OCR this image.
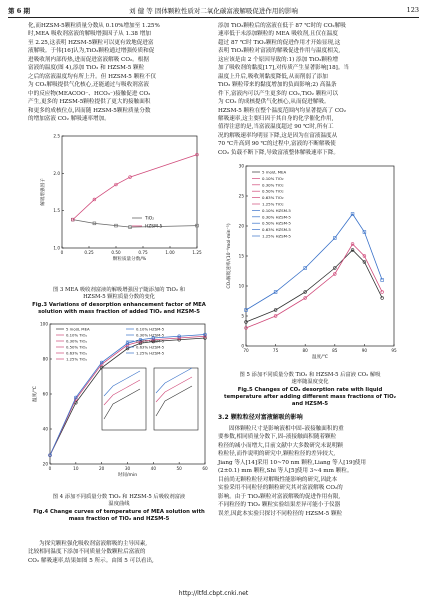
第 6 期	刘 健 等 固体颗粒性质对二氧化碳富液解吸促进作用的影响	123

化,而HZSM-5颗粒质量分数从 0.10%增加至 1.25%

时,MEA 吸收剂富液的解吸增强因子从 1.38 增加

至 2.25,这表明 HZSM-5颗粒可以更有效地促进富

液解吸。于伟[16]认为,TiO₂颗粒通过增强传质和促

进吸收剂内部传热,进而促进富液解吸 CO₂。根据

富液的温度(图 4),添加 TiO₂ 和 HZSM-5 颗粒

之后的富液温度均有所上升。但 HZSM-5 颗粒不仅

为 CO₂解吸提供气化核心,还能通过与吸收剂富液

中的反应物(MEACOO⁻、HCO₃⁻)接触促进 CO₂

产生,更多的 HZSM-5颗粒提供了更大的接触面积

和更多的成核位点,因而随 HZSM-5颗粒质量分数

的增加富液 CO₂ 解吸速率增加。

0	0.25	0.50	0.75	1.00	1.25
1.0
1.5
2.0
2.5
颗粒质量分数/%
解吸增强因子
TiO₂
HZSM-5
图 3 MEA 吸收剂富液的解吸增强因子随添加的 TiO₂ 和
HZSM-5 颗粒质量分数的变化
Fig.3 Variations of desorption enhancement factor of MEA
solution with mass fraction of added TiO₂ and HZSM-5
0	10	20	30	40	50	60
20
40
60
80
100
时间/min
温度/℃
5 mol/L MEA
0.10% TiO₂
0.30% TiO₂
0.50% TiO₂
0.63% TiO₂
1.25% TiO₂
0.10% HZSM-5
0.30% HZSM-5
0.50% HZSM-5
0.63% HZSM-5
1.25% HZSM-5
图 4 添加不同质量分数 TiO₂ 和 HZSM-5 后吸收剂富液
温度曲线
Fig.4 Change curves of temperature of MEA solution with
mass fraction of TiO₂ and HZSM-5

为探究颗粒强化吸收剂富液解吸的主导因素,

比较相同温度下添加不同质量分数颗粒后富液的

CO₂ 解吸速率,结果如图 5 所示。由图 5 可以看出,

添加 TiO₂颗粒后的富液在低于 87 ℃时的 CO₂解吸

速率低于未添加颗粒的 MEA 吸收剂,且仅在温度

超过 87 ℃时 TiO₂颗粒的促进作用才开始显现,这

表明 TiO₂颗粒对富液的解吸促进作用与温度相关,

这应该是由 2 个原因导致的:1) 添加 TiO₂颗粒增

加了吸收剂的黏度[17],对传质产生显著影响[18]。当

温度上升后,吸收剂黏度降低,从而削弱了添加

TiO₂ 颗粒带来的黏度增加的负面影响;2) 高温条

件下,富液内可以产生更多的 CO₂,TiO₂ 颗粒可以

为 CO₂ 的成核提供气化核心,从而促进解吸。

HZSM-5 颗粒在整个温度范围内均显著提高了 CO₂

解吸速率,这主要归因于其自身的化学催化作用,

值得注意的是,当富液温度超过 90 ℃时,所有工

况的解吸速率均明显下降,这是因为在富液温度从

70 ℃升高到 90 ℃的过程中,富液的不断解吸使

CO₂ 负载不断下降,导致富液整体解吸速率下降。

70	75	80	85	90	95
0
5
10
15
20
25
30
温度/℃
CO₂解吸速率/(10⁻⁶mol·min⁻¹)
5 mol/L MEA
0.10% TiO₂
0.30% TiO₂
0.50% TiO₂
0.63% TiO₂
1.25% TiO₂
0.10% HZSM-5
0.30% HZSM-5
0.50% HZSM-5
0.63% HZSM-5
1.25% HZSM-5
图 5 添加不同质量分数 TiO₂ 和 HZSM-5 后富液 CO₂ 解吸
速率随温度变化
Fig.5 Changes of CO₂ desorption rate with liquid
temperature after adding different mass fractions of TiO₂
and HZSM-5
3.2 颗粒粒径对富液解吸的影响

固体颗粒尺寸是影响液相中固–液接触面积的重

要参数,相同质量分数下,固–液接触面积随着颗粒

粒径的减小而增大,目前文献中大多数研究未说明颗

粒粒径,而作说明的研究中,颗粒粒径的差异较大,

Jiang 等人[14]采用 10~70 nm 颗粒,Liang 等人[19]使用

(2±0.1) mm 颗粒,Shi 等人[5]使用 3~4 mm 颗粒。

目前尚无颗粒粒径对解吸性能影响的研究,因此本

实验采用不同粒径的颗粒研究其对富液解吸 CO₂的

影响。由于 TiO₂颗粒对富液解吸的促进作用有限,

不同粒径的 TiO₂ 颗粒实验结果差异可能小于仪器

误差,因此本实验只探讨不同粒径的 HZSM-5 颗粒

http://ltfd.cbpt.cnki.net
